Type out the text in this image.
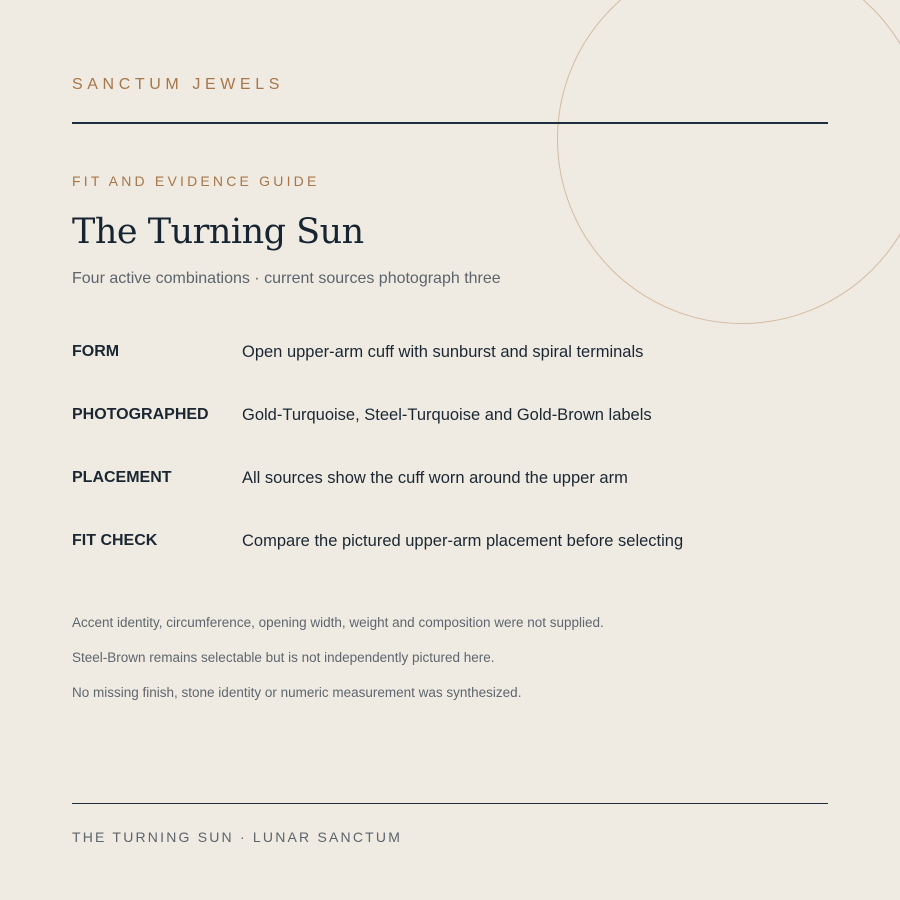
SANCTUM JEWELS
FIT AND EVIDENCE GUIDE
The Turning Sun
Four active combinations · current sources photograph three
FORM	Open upper-arm cuff with sunburst and spiral terminals
PHOTOGRAPHED Gold-Turquoise, Steel-Turquoise and Gold-Brown labels
PLACEMENT	All sources show the cuff worn around the upper arm
FIT CHECK	Compare the pictured upper-arm placement before selecting
Accent identity, circumference, opening width, weight and composition were not supplied.
Steel-Brown remains selectable but is not independently pictured here.
No missing finish, stone identity or numeric measurement was synthesized.
THE TURNING SUN · LUNAR SANCTUM
